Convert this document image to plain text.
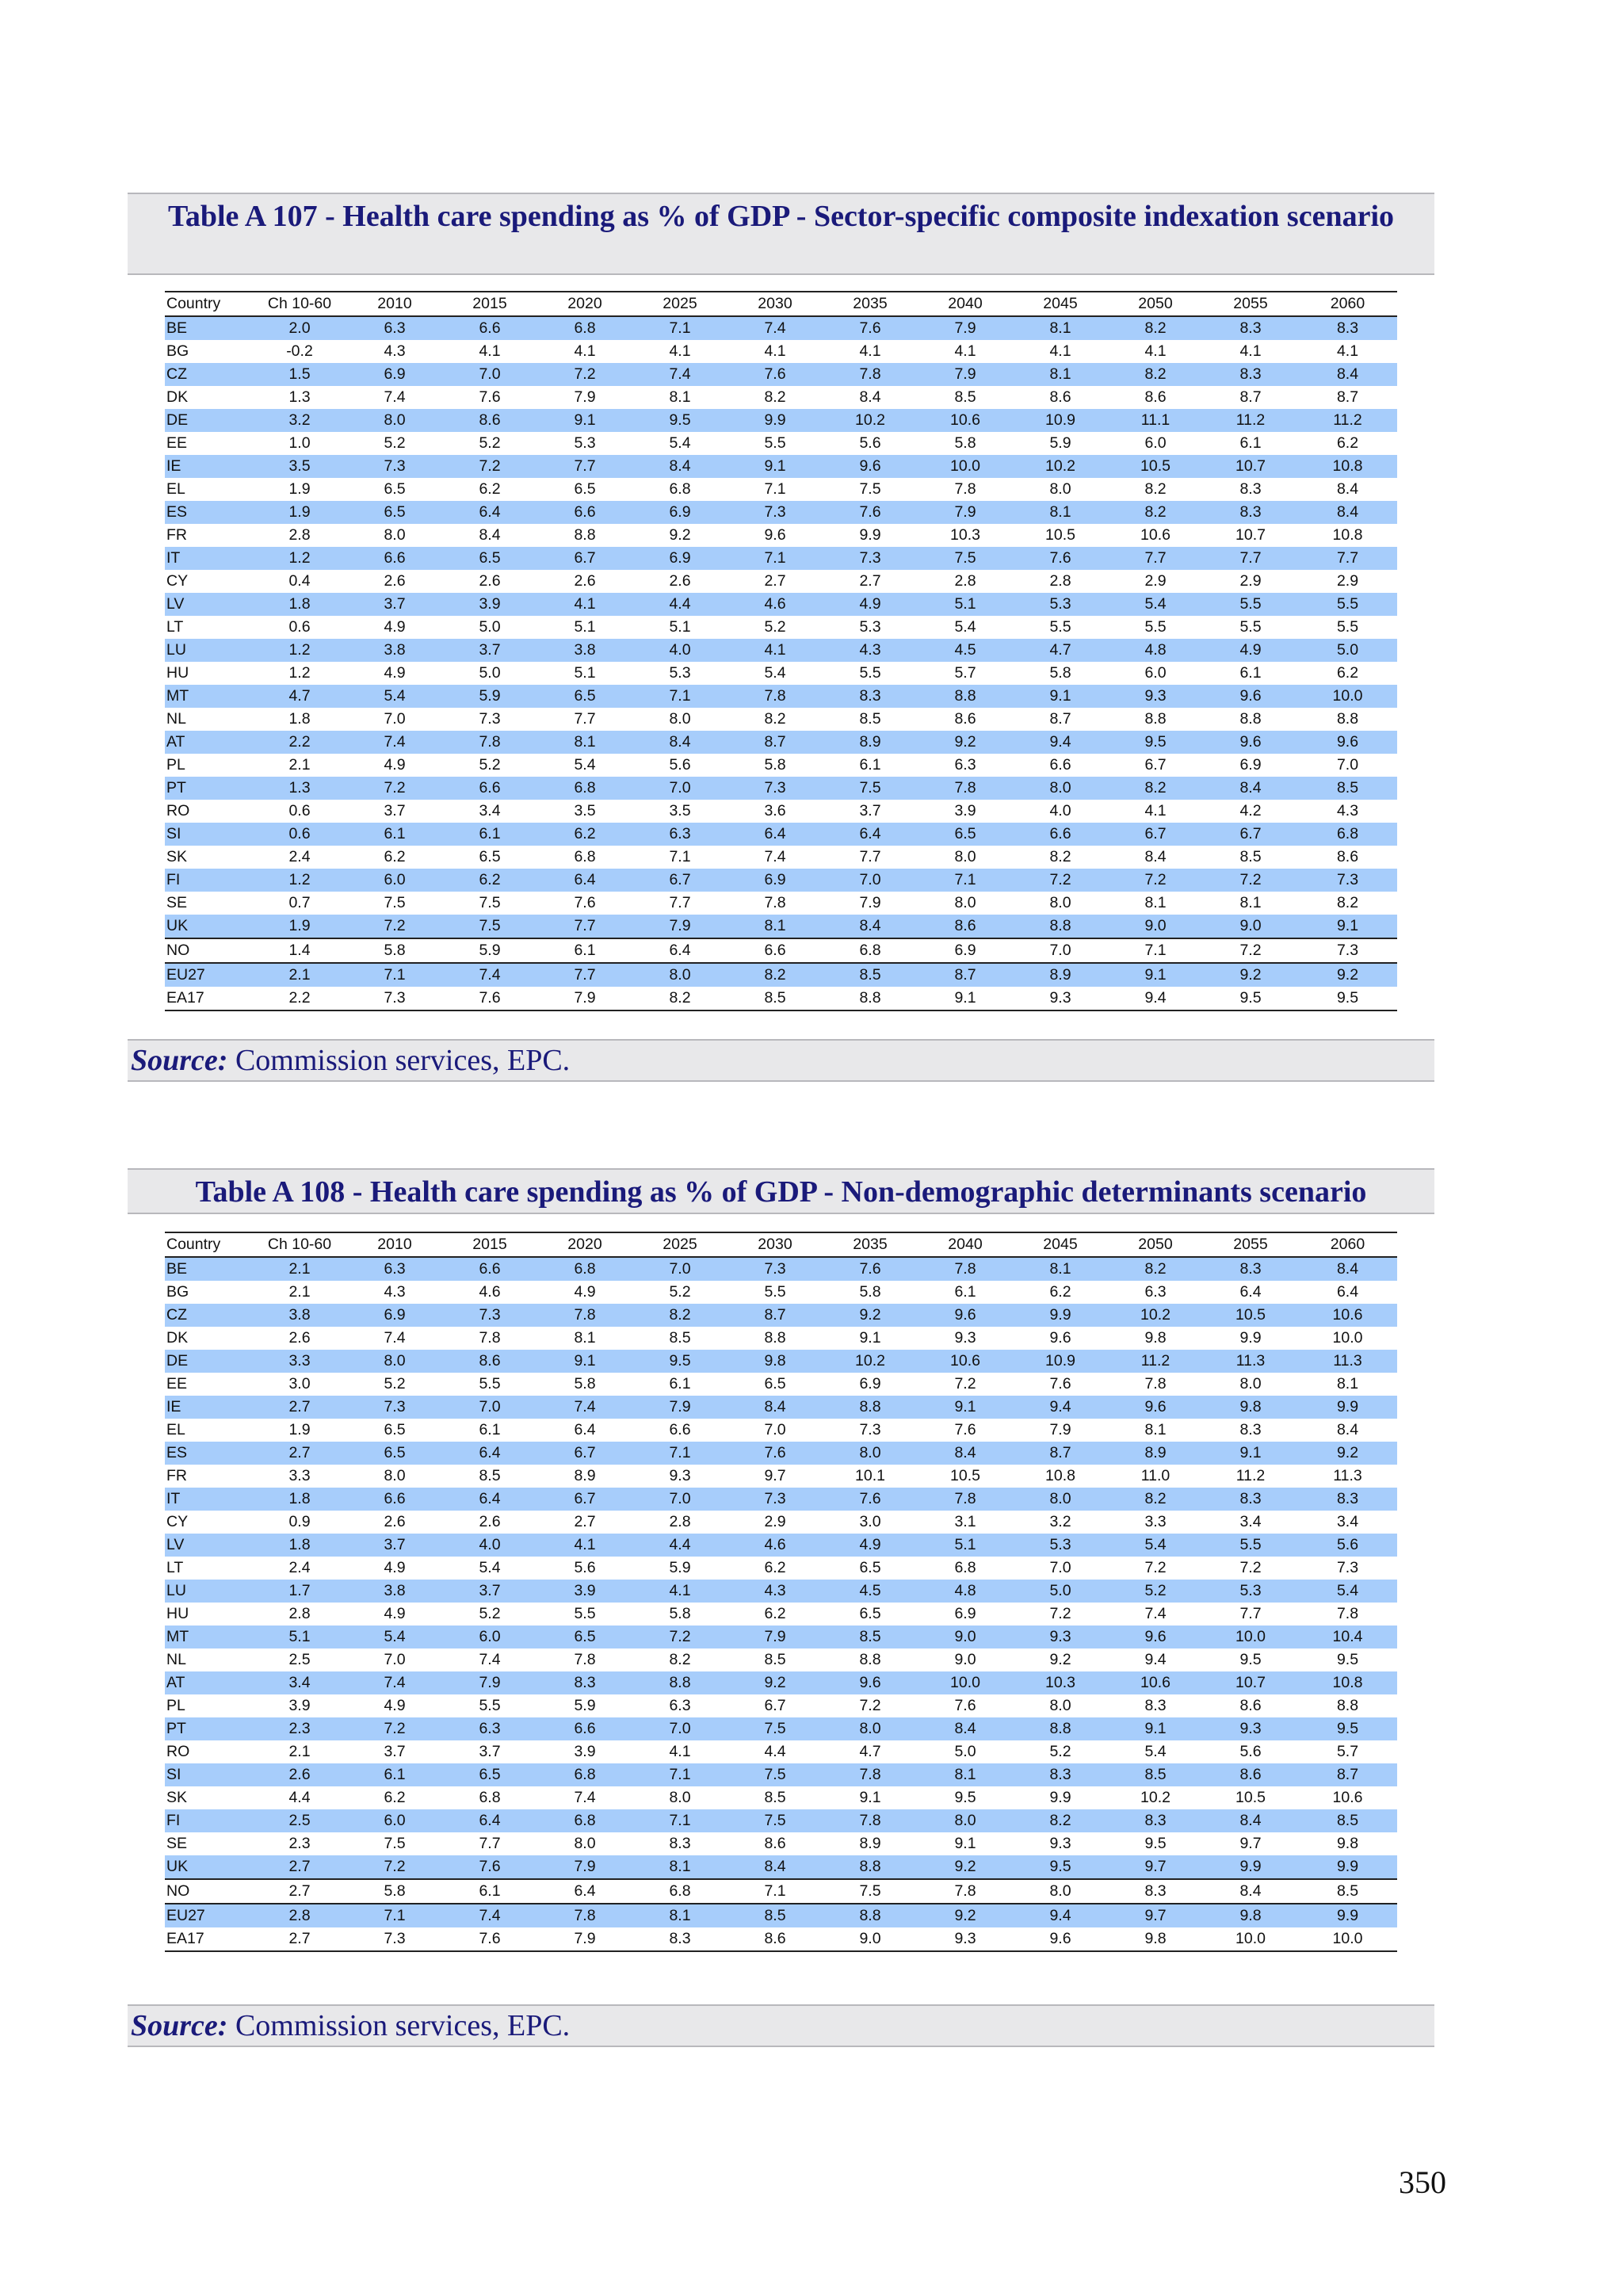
Table A 107 - Health care spending as % of GDP - Sector-specific composite indexation scenario
Country	Ch 10-60	2010	2015	2020	2025	2030	2035	2040	2045	2050	2055	2060
BE	2.0	6.3	6.6	6.8	7.1	7.4	7.6	7.9	8.1	8.2	8.3	8.3
BG	-0.2	4.3	4.1	4.1	4.1	4.1	4.1	4.1	4.1	4.1	4.1	4.1
CZ	1.5	6.9	7.0	7.2	7.4	7.6	7.8	7.9	8.1	8.2	8.3	8.4
DK	1.3	7.4	7.6	7.9	8.1	8.2	8.4	8.5	8.6	8.6	8.7	8.7
DE	3.2	8.0	8.6	9.1	9.5	9.9	10.2	10.6	10.9	11.1	11.2	11.2
EE	1.0	5.2	5.2	5.3	5.4	5.5	5.6	5.8	5.9	6.0	6.1	6.2
IE	3.5	7.3	7.2	7.7	8.4	9.1	9.6	10.0	10.2	10.5	10.7	10.8
EL	1.9	6.5	6.2	6.5	6.8	7.1	7.5	7.8	8.0	8.2	8.3	8.4
ES	1.9	6.5	6.4	6.6	6.9	7.3	7.6	7.9	8.1	8.2	8.3	8.4
FR	2.8	8.0	8.4	8.8	9.2	9.6	9.9	10.3	10.5	10.6	10.7	10.8
IT	1.2	6.6	6.5	6.7	6.9	7.1	7.3	7.5	7.6	7.7	7.7	7.7
CY	0.4	2.6	2.6	2.6	2.6	2.7	2.7	2.8	2.8	2.9	2.9	2.9
LV	1.8	3.7	3.9	4.1	4.4	4.6	4.9	5.1	5.3	5.4	5.5	5.5
LT	0.6	4.9	5.0	5.1	5.1	5.2	5.3	5.4	5.5	5.5	5.5	5.5
LU	1.2	3.8	3.7	3.8	4.0	4.1	4.3	4.5	4.7	4.8	4.9	5.0
HU	1.2	4.9	5.0	5.1	5.3	5.4	5.5	5.7	5.8	6.0	6.1	6.2
MT	4.7	5.4	5.9	6.5	7.1	7.8	8.3	8.8	9.1	9.3	9.6	10.0
NL	1.8	7.0	7.3	7.7	8.0	8.2	8.5	8.6	8.7	8.8	8.8	8.8
AT	2.2	7.4	7.8	8.1	8.4	8.7	8.9	9.2	9.4	9.5	9.6	9.6
PL	2.1	4.9	5.2	5.4	5.6	5.8	6.1	6.3	6.6	6.7	6.9	7.0
PT	1.3	7.2	6.6	6.8	7.0	7.3	7.5	7.8	8.0	8.2	8.4	8.5
RO	0.6	3.7	3.4	3.5	3.5	3.6	3.7	3.9	4.0	4.1	4.2	4.3
SI	0.6	6.1	6.1	6.2	6.3	6.4	6.4	6.5	6.6	6.7	6.7	6.8
SK	2.4	6.2	6.5	6.8	7.1	7.4	7.7	8.0	8.2	8.4	8.5	8.6
FI	1.2	6.0	6.2	6.4	6.7	6.9	7.0	7.1	7.2	7.2	7.2	7.3
SE	0.7	7.5	7.5	7.6	7.7	7.8	7.9	8.0	8.0	8.1	8.1	8.2
UK	1.9	7.2	7.5	7.7	7.9	8.1	8.4	8.6	8.8	9.0	9.0	9.1
NO	1.4	5.8	5.9	6.1	6.4	6.6	6.8	6.9	7.0	7.1	7.2	7.3
EU27	2.1	7.1	7.4	7.7	8.0	8.2	8.5	8.7	8.9	9.1	9.2	9.2
EA17	2.2	7.3	7.6	7.9	8.2	8.5	8.8	9.1	9.3	9.4	9.5	9.5
Source: Commission services, EPC.
Table A 108 - Health care spending as % of GDP - Non-demographic determinants scenario
Country	Ch 10-60	2010	2015	2020	2025	2030	2035	2040	2045	2050	2055	2060
BE	2.1	6.3	6.6	6.8	7.0	7.3	7.6	7.8	8.1	8.2	8.3	8.4
BG	2.1	4.3	4.6	4.9	5.2	5.5	5.8	6.1	6.2	6.3	6.4	6.4
CZ	3.8	6.9	7.3	7.8	8.2	8.7	9.2	9.6	9.9	10.2	10.5	10.6
DK	2.6	7.4	7.8	8.1	8.5	8.8	9.1	9.3	9.6	9.8	9.9	10.0
DE	3.3	8.0	8.6	9.1	9.5	9.8	10.2	10.6	10.9	11.2	11.3	11.3
EE	3.0	5.2	5.5	5.8	6.1	6.5	6.9	7.2	7.6	7.8	8.0	8.1
IE	2.7	7.3	7.0	7.4	7.9	8.4	8.8	9.1	9.4	9.6	9.8	9.9
EL	1.9	6.5	6.1	6.4	6.6	7.0	7.3	7.6	7.9	8.1	8.3	8.4
ES	2.7	6.5	6.4	6.7	7.1	7.6	8.0	8.4	8.7	8.9	9.1	9.2
FR	3.3	8.0	8.5	8.9	9.3	9.7	10.1	10.5	10.8	11.0	11.2	11.3
IT	1.8	6.6	6.4	6.7	7.0	7.3	7.6	7.8	8.0	8.2	8.3	8.3
CY	0.9	2.6	2.6	2.7	2.8	2.9	3.0	3.1	3.2	3.3	3.4	3.4
LV	1.8	3.7	4.0	4.1	4.4	4.6	4.9	5.1	5.3	5.4	5.5	5.6
LT	2.4	4.9	5.4	5.6	5.9	6.2	6.5	6.8	7.0	7.2	7.2	7.3
LU	1.7	3.8	3.7	3.9	4.1	4.3	4.5	4.8	5.0	5.2	5.3	5.4
HU	2.8	4.9	5.2	5.5	5.8	6.2	6.5	6.9	7.2	7.4	7.7	7.8
MT	5.1	5.4	6.0	6.5	7.2	7.9	8.5	9.0	9.3	9.6	10.0	10.4
NL	2.5	7.0	7.4	7.8	8.2	8.5	8.8	9.0	9.2	9.4	9.5	9.5
AT	3.4	7.4	7.9	8.3	8.8	9.2	9.6	10.0	10.3	10.6	10.7	10.8
PL	3.9	4.9	5.5	5.9	6.3	6.7	7.2	7.6	8.0	8.3	8.6	8.8
PT	2.3	7.2	6.3	6.6	7.0	7.5	8.0	8.4	8.8	9.1	9.3	9.5
RO	2.1	3.7	3.7	3.9	4.1	4.4	4.7	5.0	5.2	5.4	5.6	5.7
SI	2.6	6.1	6.5	6.8	7.1	7.5	7.8	8.1	8.3	8.5	8.6	8.7
SK	4.4	6.2	6.8	7.4	8.0	8.5	9.1	9.5	9.9	10.2	10.5	10.6
FI	2.5	6.0	6.4	6.8	7.1	7.5	7.8	8.0	8.2	8.3	8.4	8.5
SE	2.3	7.5	7.7	8.0	8.3	8.6	8.9	9.1	9.3	9.5	9.7	9.8
UK	2.7	7.2	7.6	7.9	8.1	8.4	8.8	9.2	9.5	9.7	9.9	9.9
NO	2.7	5.8	6.1	6.4	6.8	7.1	7.5	7.8	8.0	8.3	8.4	8.5
EU27	2.8	7.1	7.4	7.8	8.1	8.5	8.8	9.2	9.4	9.7	9.8	9.9
EA17	2.7	7.3	7.6	7.9	8.3	8.6	9.0	9.3	9.6	9.8	10.0	10.0
Source: Commission services, EPC.
350
